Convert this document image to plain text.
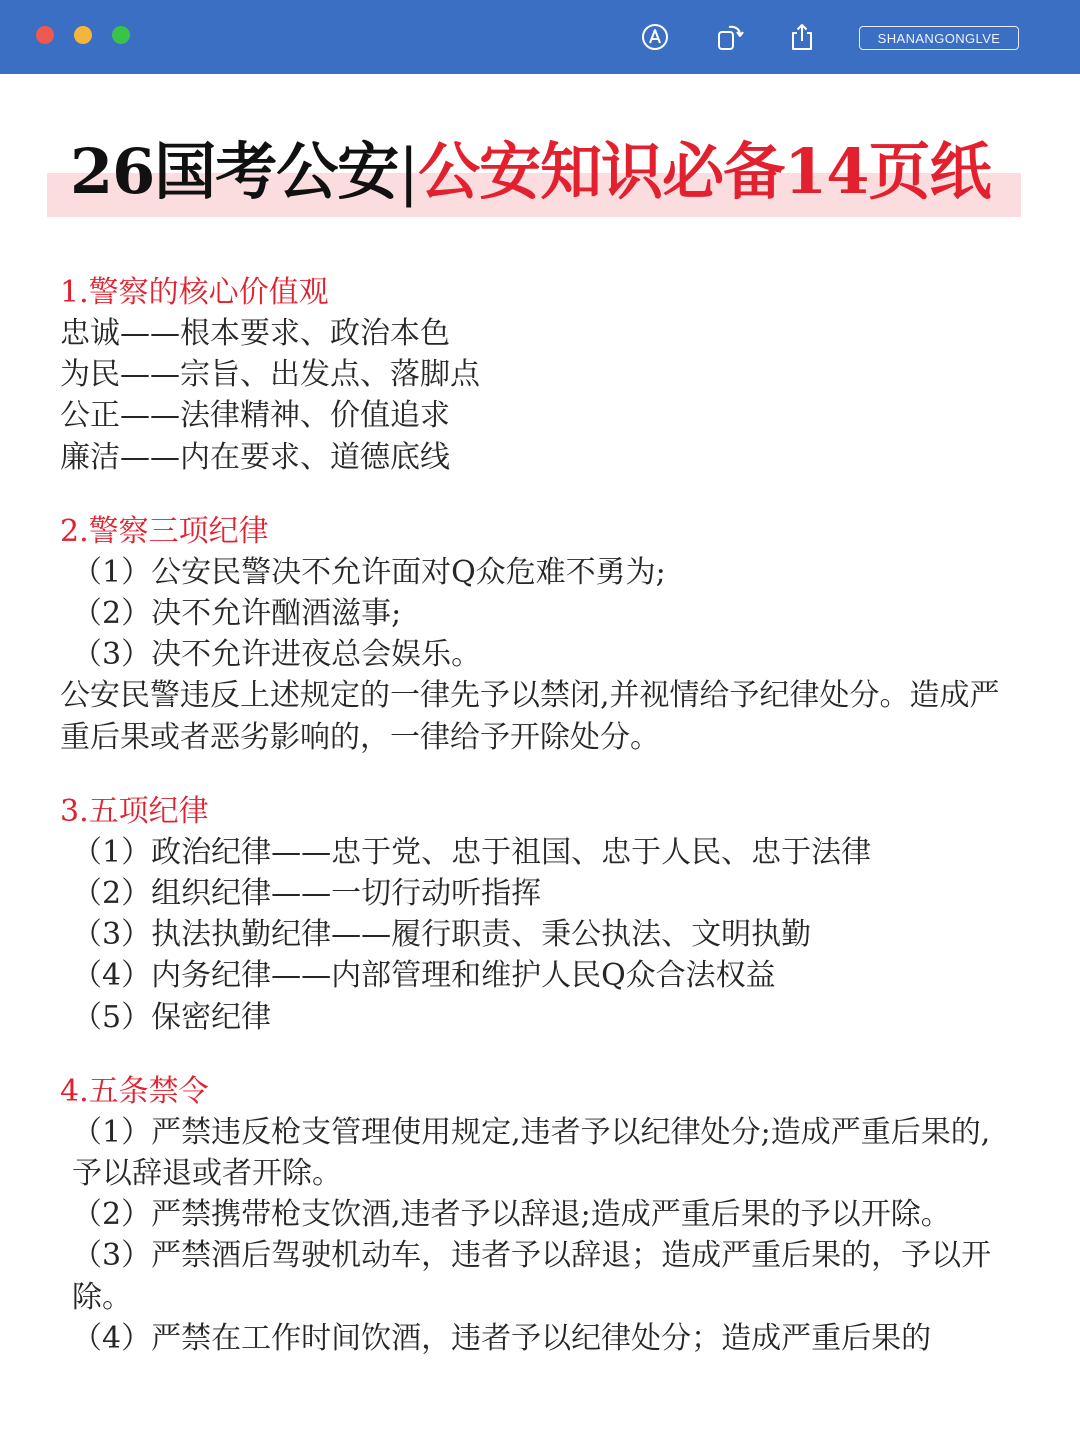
SHANANGONGLVE
26国考公安|公安知识必备14页纸
1.警察的核心价值观
忠诚——根本要求、政治本色
为民——宗旨、出发点、落脚点
公正——法律精神、价值追求
廉洁——内在要求、道德底线
2.警察三项纪律
（1）公安民警决不允许面对Q众危难不勇为;
（2）决不允许酗酒滋事;
（3）决不允许进夜总会娱乐。
公安民警违反上述规定的一律先予以禁闭,并视情给予纪律处分。造成严重后果或者恶劣影响的，一律给予开除处分。
3.五项纪律
（1）政治纪律——忠于党、忠于祖国、忠于人民、忠于法律
（2）组织纪律——一切行动听指挥
（3）执法执勤纪律——履行职责、秉公执法、文明执勤
（4）内务纪律——内部管理和维护人民Q众合法权益
（5）保密纪律
4.五条禁令
（1）严禁违反枪支管理使用规定,违者予以纪律处分;造成严重后果的,予以辞退或者开除。
（2）严禁携带枪支饮酒,违者予以辞退;造成严重后果的予以开除。
（3）严禁酒后驾驶机动车，违者予以辞退；造成严重后果的，予以开除。
（4）严禁在工作时间饮酒，违者予以纪律处分；造成严重后果的
